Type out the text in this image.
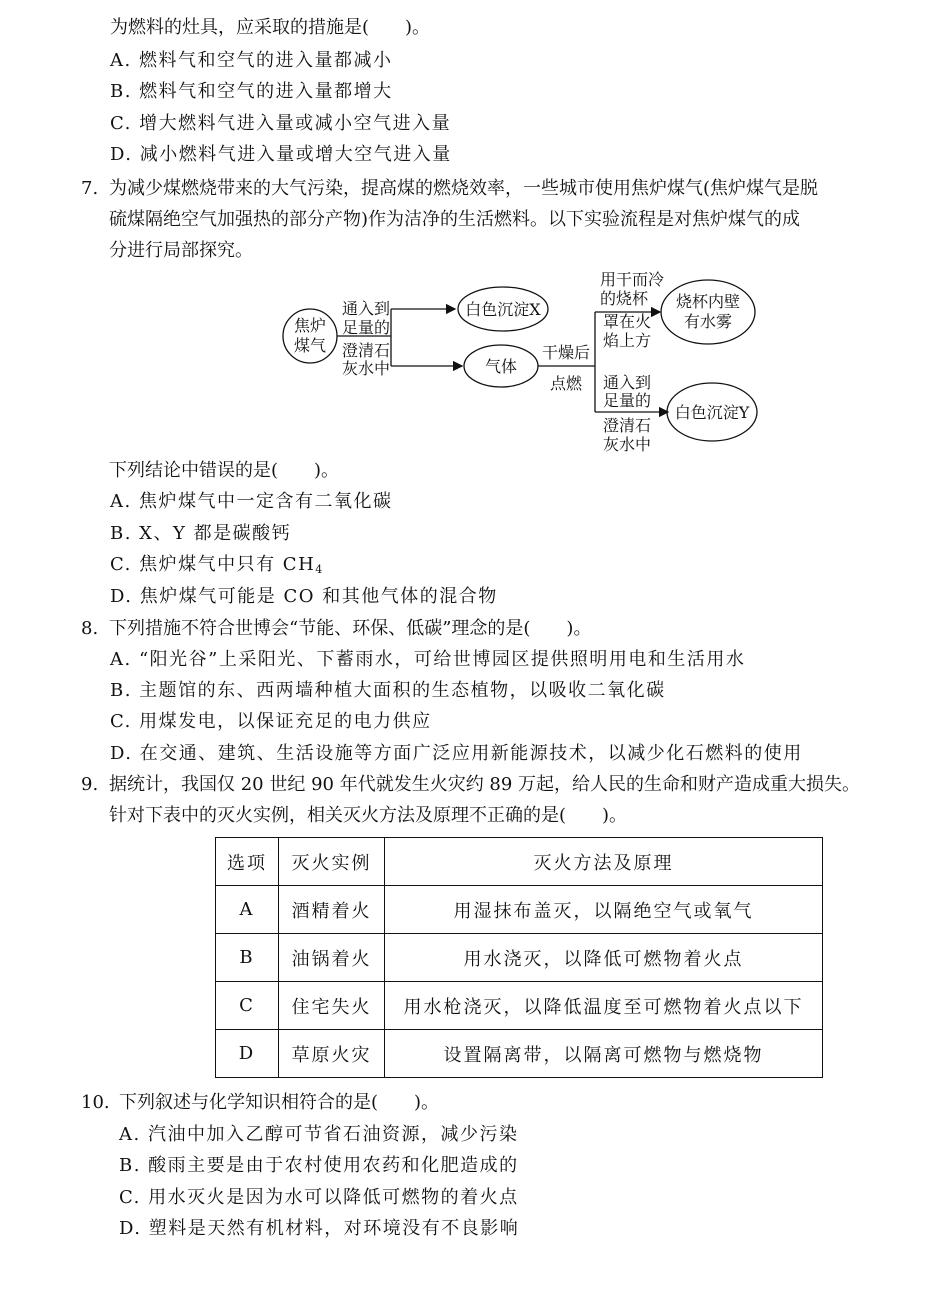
为燃料的灶具，应采取的措施是(　　)。
A. 燃料气和空气的进入量都减小
B. 燃料气和空气的进入量都增大
C. 增大燃料气进入量或减小空气进入量
D. 减小燃料气进入量或增大空气进入量
7. 为减少煤燃烧带来的大气污染，提高煤的燃烧效率，一些城市使用焦炉煤气(焦炉煤气是脱
硫煤隔绝空气加强热的部分产物)作为洁净的生活燃料。以下实验流程是对焦炉煤气的成
分进行局部探究。
焦炉
煤气
通入到
足量的
澄清石
灰水中
白色沉淀X
气体
干燥后
点燃
用干而冷
的烧杯
罩在火
焰上方
烧杯内壁
有水雾
通入到
足量的
澄清石
灰水中
白色沉淀Y
下列结论中错误的是(　　)。
A. 焦炉煤气中一定含有二氧化碳
B. X、Y 都是碳酸钙
C. 焦炉煤气中只有 $CH_4$
D. 焦炉煤气可能是 CO 和其他气体的混合物
8. 下列措施不符合世博会“节能、环保、低碳”理念的是(　　)。
A. “阳光谷”上采阳光、下蓄雨水，可给世博园区提供照明用电和生活用水
B. 主题馆的东、西两墙种植大面积的生态植物，以吸收二氧化碳
C. 用煤发电，以保证充足的电力供应
D. 在交通、建筑、生活设施等方面广泛应用新能源技术，以减少化石燃料的使用
9. 据统计，我国仅 20 世纪 90 年代就发生火灾约 89 万起，给人民的生命和财产造成重大损失。
针对下表中的灭火实例，相关灭火方法及原理不正确的是(　　)。
选项	灭火实例	灭火方法及原理
A	酒精着火	用湿抹布盖灭，以隔绝空气或氧气
B	油锅着火	用水浇灭，以降低可燃物着火点
C	住宅失火	用水枪浇灭，以降低温度至可燃物着火点以下
D	草原火灾	设置隔离带，以隔离可燃物与燃烧物
10. 下列叙述与化学知识相符合的是(　　)。
A. 汽油中加入乙醇可节省石油资源，减少污染
B. 酸雨主要是由于农村使用农药和化肥造成的
C. 用水灭火是因为水可以降低可燃物的着火点
D. 塑料是天然有机材料，对环境没有不良影响
